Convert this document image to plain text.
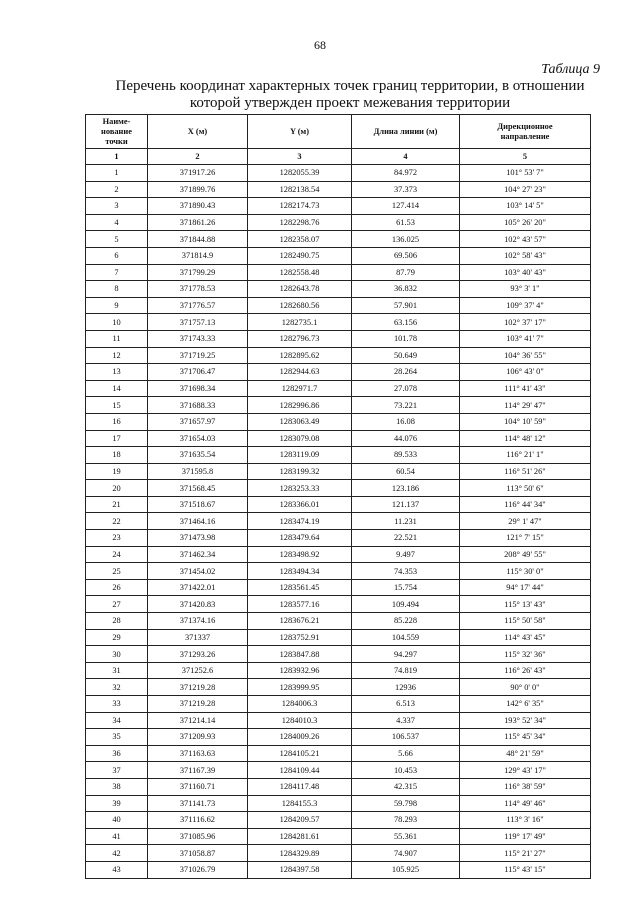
68
Таблица 9
Перечень координат характерных точек границ территории, в отношении
которой утвержден проект межевания территории
Наиме-
нование
точки	X (м)	Y (м)	Длина линии (м)	Дирекционное
направление

1	2	3	4	5
1	371917.26	1282055.39	84.972	101° 53' 7"
2	371899.76	1282138.54	37.373	104° 27' 23"
3	371890.43	1282174.73	127.414	103° 14' 5"
4	371861.26	1282298.76	61.53	105° 26' 20"
5	371844.88	1282358.07	136.025	102° 43' 57"
6	371814.9	1282490.75	69.506	102° 58' 43"
7	371799.29	1282558.48	87.79	103° 40' 43"
8	371778.53	1282643.78	36.832	93° 3' 1"
9	371776.57	1282680.56	57.901	109° 37' 4"
10	371757.13	1282735.1	63.156	102° 37' 17"
11	371743.33	1282796.73	101.78	103° 41' 7"
12	371719.25	1282895.62	50.649	104° 36' 55"
13	371706.47	1282944.63	28.264	106° 43' 0"
14	371698.34	1282971.7	27.078	111° 41' 43"
15	371688.33	1282996.86	73.221	114° 29' 47"
16	371657.97	1283063.49	16.08	104° 10' 59"
17	371654.03	1283079.08	44.076	114° 48' 12"
18	371635.54	1283119.09	89.533	116° 21' 1"
19	371595.8	1283199.32	60.54	116° 51' 26"
20	371568.45	1283253.33	123.186	113° 50' 6"
21	371518.67	1283366.01	121.137	116° 44' 34"
22	371464.16	1283474.19	11.231	29° 1' 47"
23	371473.98	1283479.64	22.521	121° 7' 15"
24	371462.34	1283498.92	9.497	208° 49' 55"
25	371454.02	1283494.34	74.353	115° 30' 0"
26	371422.01	1283561.45	15.754	94° 17' 44"
27	371420.83	1283577.16	109.494	115° 13' 43"
28	371374.16	1283676.21	85.228	115° 50' 58"
29	371337	1283752.91	104.559	114° 43' 45"
30	371293.26	1283847.88	94.297	115° 32' 36"
31	371252.6	1283932.96	74.819	116° 26' 43"
32	371219.28	1283999.95	12936	90° 0' 0"
33	371219.28	1284006.3	6.513	142° 6' 35"
34	371214.14	1284010.3	4.337	193° 52' 34"
35	371209.93	1284009.26	106.537	115° 45' 34"
36	371163.63	1284105.21	5.66	48° 21' 59"
37	371167.39	1284109.44	10.453	129° 43' 17"
38	371160.71	1284117.48	42.315	116° 38' 59"
39	371141.73	1284155.3	59.798	114° 49' 46"
40	371116.62	1284209.57	78.293	113° 3' 16"
41	371085.96	1284281.61	55.361	119° 17' 49"
42	371058.87	1284329.89	74.907	115° 21' 27"
43	371026.79	1284397.58	105.925	115° 43' 15"
